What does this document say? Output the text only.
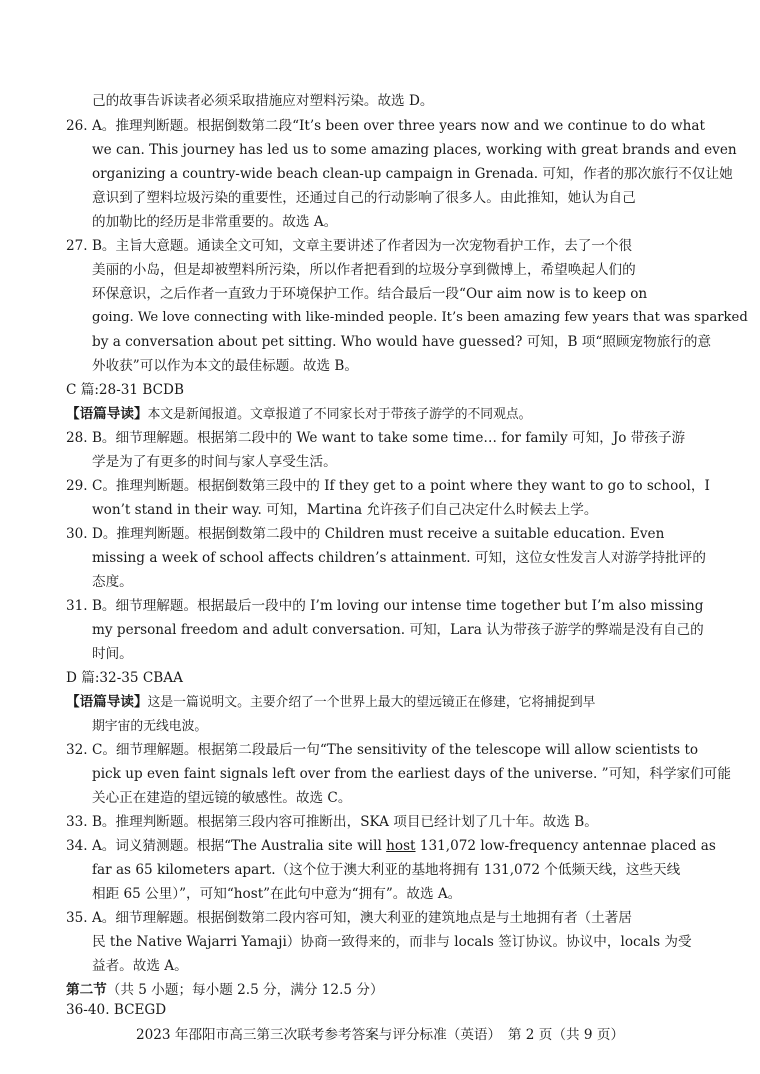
己的故事告诉读者必须采取措施应对塑料污染。故选 D。
26. A。推理判断题。根据倒数第二段“It’s been over three years now and we continue to do what
we can. This journey has led us to some amazing places, working with great brands and even
organizing a country-wide beach clean-up campaign in Grenada. 可知，作者的那次旅行不仅让她
意识到了塑料垃圾污染的重要性，还通过自己的行动影响了很多人。由此推知，她认为自己
的加勒比的经历是非常重要的。故选 A。
27. B。主旨大意题。通读全文可知，文章主要讲述了作者因为一次宠物看护工作，去了一个很
美丽的小岛，但是却被塑料所污染，所以作者把看到的垃圾分享到微博上，希望唤起人们的
环保意识，之后作者一直致力于环境保护工作。结合最后一段“Our aim now is to keep on
going. We love connecting with like-minded people. It’s been amazing few years that was sparked
by a conversation about pet sitting. Who would have guessed? 可知，B 项“照顾宠物旅行的意
外收获”可以作为本文的最佳标题。故选 B。
C 篇:28-31 BCDB
【语篇导读】本文是新闻报道。文章报道了不同家长对于带孩子游学的不同观点。
28. B。细节理解题。根据第二段中的 We want to take some time… for family 可知，Jo 带孩子游
学是为了有更多的时间与家人享受生活。
29. C。推理判断题。根据倒数第三段中的 If they get to a point where they want to go to school，I
won’t stand in their way. 可知，Martina 允许孩子们自己决定什么时候去上学。
30. D。推理判断题。根据倒数第二段中的 Children must receive a suitable education. Even
missing a week of school affects children’s attainment. 可知，这位女性发言人对游学持批评的
态度。
31. B。细节理解题。根据最后一段中的 I’m loving our intense time together but I’m also missing
my personal freedom and adult conversation. 可知，Lara 认为带孩子游学的弊端是没有自己的
时间。
D 篇:32-35 CBAA
【语篇导读】这是一篇说明文。主要介绍了一个世界上最大的望远镜正在修建，它将捕捉到早
期宇宙的无线电波。
32. C。细节理解题。根据第二段最后一句“The sensitivity of the telescope will allow scientists to
pick up even faint signals left over from the earliest days of the universe. ”可知，科学家们可能
关心正在建造的望远镜的敏感性。故选 C。
33. B。推理判断题。根据第三段内容可推断出，SKA 项目已经计划了几十年。故选 B。
34. A。词义猜测题。根据“The Australia site will host 131,072 low-frequency antennae placed as
far as 65 kilometers apart.（这个位于澳大利亚的基地将拥有 131,072 个低频天线，这些天线
相距 65 公里）”，可知“host”在此句中意为“拥有”。故选 A。
35. A。细节理解题。根据倒数第二段内容可知，澳大利亚的建筑地点是与土地拥有者（土著居
民 the Native Wajarri Yamaji）协商一致得来的，而非与 locals 签订协议。协议中，locals 为受
益者。故选 A。
第二节（共 5 小题；每小题 2.5 分，满分 12.5 分）
36-40. BCEGD
2023 年邵阳市高三第三次联考参考答案与评分标准（英语）　第 2 页（共 9 页）
